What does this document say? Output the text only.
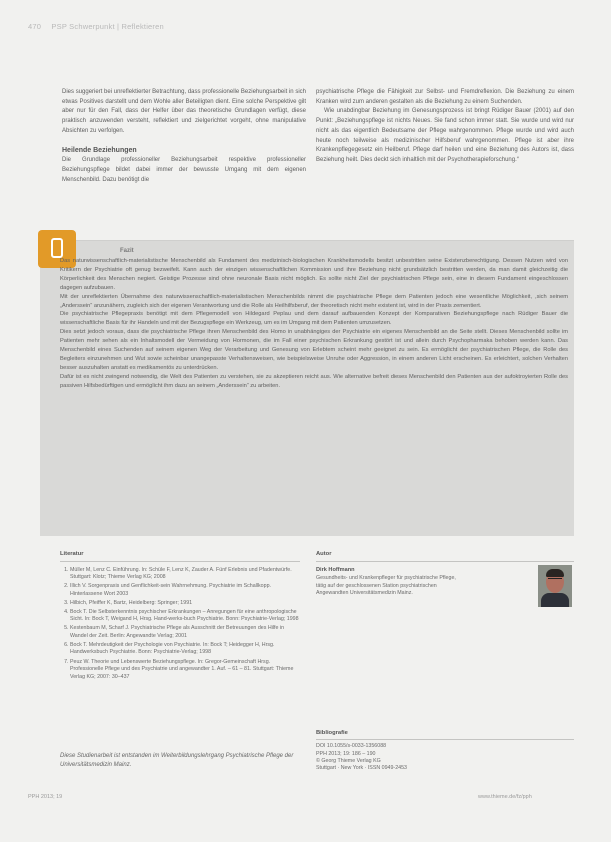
470 PSP Schwerpunkt | Reflektieren

Dies suggeriert bei unreflektierter Betrachtung, dass professionelle Beziehungsarbeit in sich etwas Positives darstellt und dem Wohle aller Beteiligten dient. Eine solche Perspektive gilt aber nur für den Fall, dass der Helfer über das theoretische Grundlagen verfügt, diese praktisch anzuwenden versteht, reflektiert und zielgerichtet vorgeht, ohne manipulative Absichten zu verfolgen.

Heilende Beziehungen

Die Grundlage professioneller Beziehungsarbeit respektive professioneller Beziehungspflege bildet dabei immer der bewusste Umgang mit dem eigenen Menschenbild. Dazu benötigt die

psychiatrische Pflege die Fähigkeit zur Selbst- und Fremdreflexion. Die Beziehung zu einem Kranken wird zum anderen gestalten als die Beziehung zu einem Suchenden.

Wie unabdingbar Beziehung im Genesungsprozess ist bringt Rüdiger Bauer (2001) auf den Punkt: „Beziehungspflege ist nichts Neues. Sie fand schon immer statt. Sie wurde und wird nur nicht als das eigentlich Bedeutsame der Pflege wahrgenommen. Pflege wurde und wird auch heute noch teilweise als medizinischer Hilfsberuf wahrgenommen. Pflege ist aber ihre Krankenpflegegesetz ein Heilberuf. Pflege darf heilen und eine Beziehung des Autors ist, dass Beziehung heilt. Dies deckt sich inhaltlich mit der Psychotherapieforschung.“

Fazit

Das naturwissenschaftlich-materialistische Menschenbild als Fundament des medizinisch-biologischen Krankheitsmodells besitzt unbestritten seine Existenzberechtigung. Dessen Nutzen wird von Kritikern der Psychiatrie oft genug bezweifelt. Kann auch der einzigen wissenschaftlichen Kommission und ihre Beziehung nicht grundsätzlich bestritten werden, da man damit gleichzeitig die Körperlichkeit des Menschen negiert. Geistige Prozesse sind ohne neuronale Basis nicht möglich. Es sollte nicht Ziel der psychiatrischen Pflege sein, eine in diesem Fundament eingeschlossen dagegen aufzubauen.

Mit der unreflektierten Übernahme des naturwissenschaftlich-materialistischen Menschenbilds nimmt die psychiatrische Pflege dem Patienten jedoch eine wesentliche Möglichkeit, ,sich seinem „Anderssein“ anzunähern, zugleich sich der eigenen Verantwortung und die Rolle als Heilhilfsberuf, der theoretisch nicht mehr existent ist, wird in der Praxis zementiert.

Die psychiatrische Pflegepraxis benötigt mit dem Pflegemodell von Hildegard Peplau und dem darauf aufbauenden Konzept der Komparativen Beziehungspflege nach Rüdiger Bauer die wissenschaftliche Basis für ihr Handeln und mit der Bezugspflege ein Werkzeug, um es im Umgang mit dem Patienten umzusetzen.

Dies setzt jedoch voraus, dass die psychiatrische Pflege ihren Menschenbild des Homo in unabhängiges der Psychiatrie ein eigenes Menschenbild an die Seite stellt. Dieses Menschenbild sollte im Patienten mehr sehen als ein Inhaltsmodell der Vermeidung von Hormonen, die im Fall einer psychischen Erkrankung gestört ist und allein durch Psychopharmaka behoben werden kann. Das Menschenbild eines Suchenden auf seinem eigenen Weg der Verarbeitung und Genesung von Erlebtem scheint mehr geeignet zu sein. Es ermöglicht der psychiatrischen Pflege, die Rolle des Begleiters einzunehmen und Wut sowie scheinbar unangepasste Verhaltensweisen, wie beispielsweise Unruhe oder Aggression, in einem anderen Licht erscheinen. Es erleichtert, solchen Verhalten besser auszuhalten anstatt es medikamentös zu unterdrücken.

Dafür ist es nicht zwingend notwendig, die Welt des Patienten zu verstehen, sie zu akzeptieren reicht aus. Wie alternative befreit dieses Menschenbild den Patienten aus der aufoktroyierten Rolle des passiven Hilfsbedürftigen und ermöglicht ihm dazu an seinem „Anderssein“ zu arbeiten.

Literatur
1. Müller M, Lenz C. Einführung. In: Schüle F, Lenz K, Zauder A. Fünf Erlebnis und Pfadentwürfe. Stuttgart: Klotz; Thieme Verlag KG; 2008
2. Illich V. Sorgenpraxis und Genflichkeit-sein Wahrnehmung. Psychiatrie im Schallkopp. Hinterlassene Wort 2003
3. Hilbich, Pfeiffer K, Bartz, Heidelberg: Springer; 1991
4. Bock T. Die Selbsterkenntnis psychischer Erkrankungen – Anregungen für eine anthropologische Sicht. In: Bock T, Weigand H, Hrsg. Hand-werks-buch Psychiatrie. Bonn: Psychiatrie-Verlag; 1998
5. Kestenbaum M, Scharf J. Psychiatrische Pflege als Ausschnitt der Betreuungen des Hilfe in Wandel der Zeit. Berlin: Angewandte Verlag; 2001
6. Bock T. Mehrdeutigkeit der Psychologie von Psychiatrie. In: Bock T; Heidegger H, Hrsg. Handwerksbuch Psychiatrie. Bonn: Psychiatrie-Verlag; 1998
7. Peuz W. Theorie und Lebenswerte Beziehungspflege. In: Gregor-Gemeinschaft Hrsg. Professionelle Pflege und des Psychiatrie und angewandter 1. Auf. – 61 – 81. Stuttgart: Thieme Verlag KG; 2007: 30–437
Diese Studienarbeit ist entstanden im Weiterbildungslehrgang Psychiatrische Pflege der Universitätsmedizin Mainz.
Autor
Dirk Hoffmann
Gesundheits- und Krankenpfleger für psychiatrische Pflege, tätig auf der geschlossenen Station psychiatrischen Angewandten Universitätsmedizin Mainz.
Bibliografie
DOI 10.1055/s-0033-1356088
PPH 2013; 19: 186 – 190
© Georg Thieme Verlag KG
Stuttgart · New York · ISSN 0949-2453
PPH 2013; 19	www.thieme.de/fz/pph
